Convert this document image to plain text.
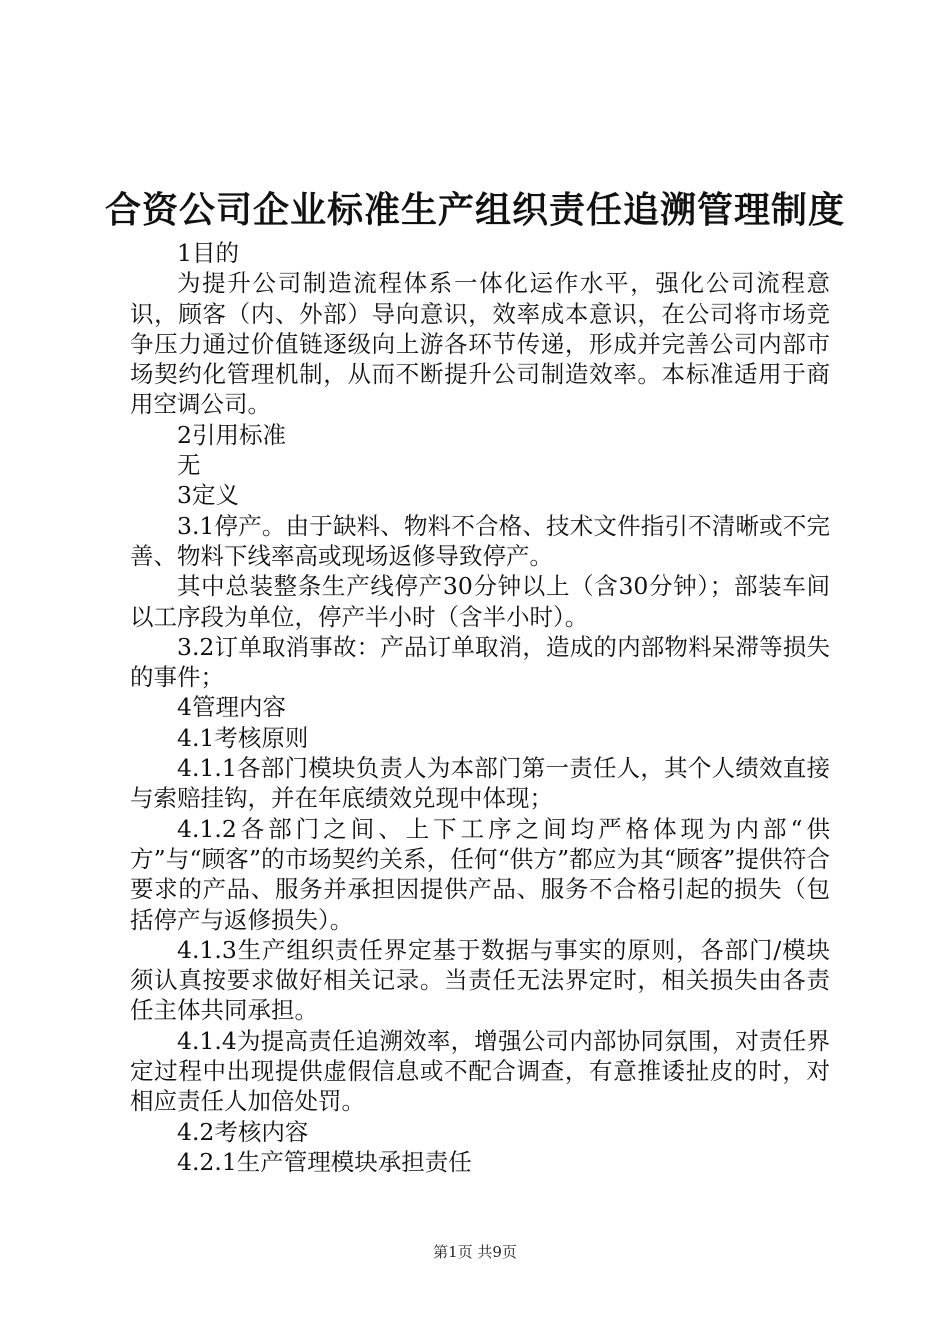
合资公司企业标准生产组织责任追溯管理制度

1目的

为提升公司制造流程体系一体化运作水平，强化公司流程意识，顾客（内、外部）导向意识，效率成本意识，在公司将市场竞争压力通过价值链逐级向上游各环节传递，形成并完善公司内部市场契约化管理机制，从而不断提升公司制造效率。本标准适用于商用空调公司。

2引用标准

无

3定义

3.1停产。由于缺料、物料不合格、技术文件指引不清晰或不完善、物料下线率高或现场返修导致停产。

其中总装整条生产线停产30分钟以上（含30分钟）；部装车间以工序段为单位，停产半小时（含半小时）。

3.2订单取消事故：产品订单取消，造成的内部物料呆滞等损失的事件；

4管理内容

4.1考核原则

4.1.1各部门模块负责人为本部门第一责任人，其个人绩效直接与索赔挂钩，并在年底绩效兑现中体现；

4.1.2各部门之间、上下工序之间均严格体现为内部“供方”与“顾客”的市场契约关系，任何“供方”都应为其“顾客”提供符合要求的产品、服务并承担因提供产品、服务不合格引起的损失（包括停产与返修损失）。

4.1.3生产组织责任界定基于数据与事实的原则，各部门/模块须认真按要求做好相关记录。当责任无法界定时，相关损失由各责任主体共同承担。

4.1.4为提高责任追溯效率，增强公司内部协同氛围，对责任界定过程中出现提供虚假信息或不配合调查，有意推诿扯皮的时，对相应责任人加倍处罚。

4.2考核内容

4.2.1生产管理模块承担责任

第1页 共9页
